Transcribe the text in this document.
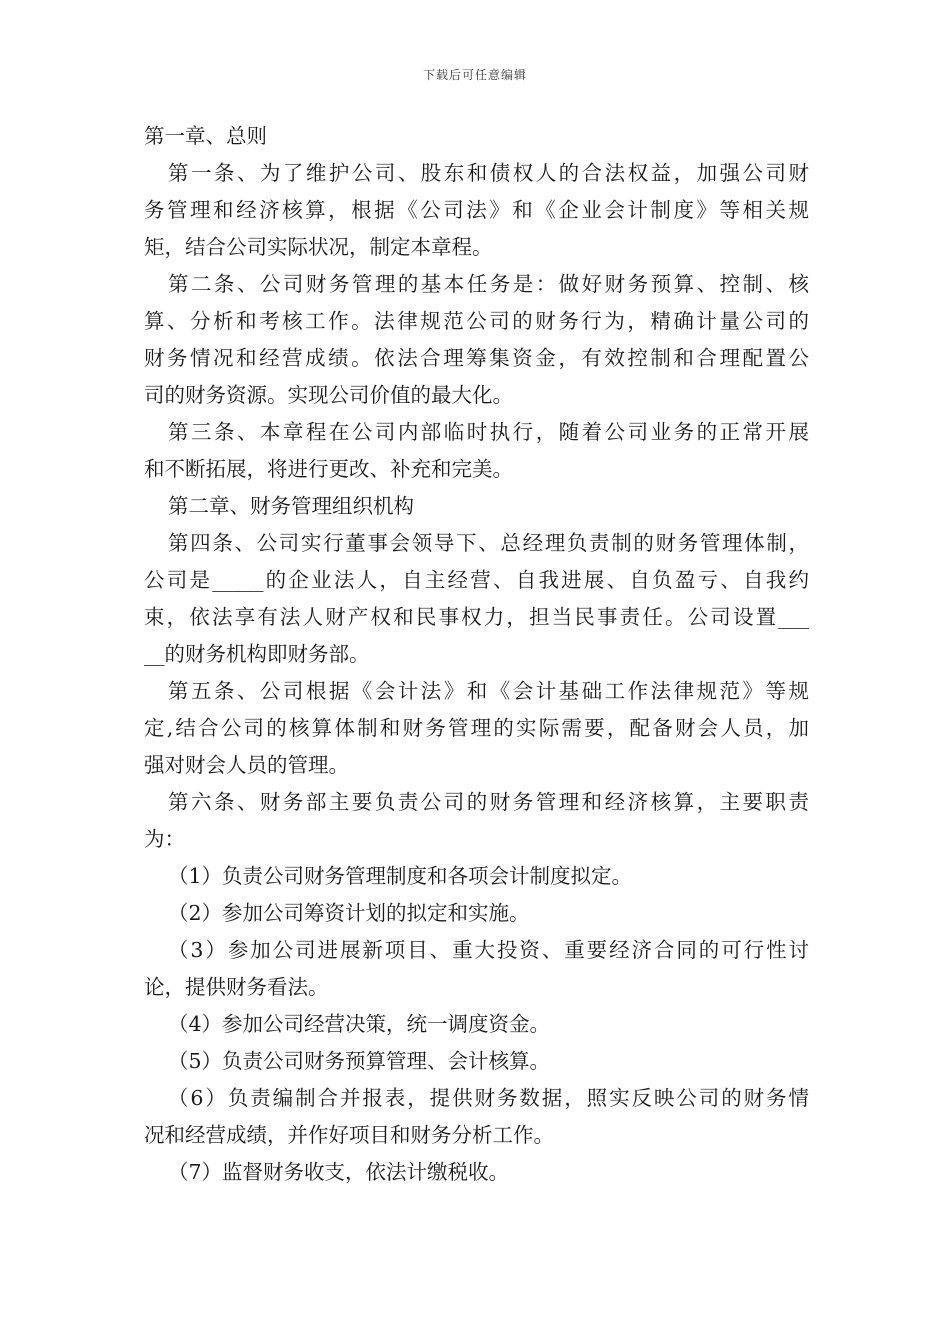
下载后可任意编辑
第一章、总则
第一条、为了维护公司、股东和债权人的合法权益，加强公司财
务管理和经济核算，根据《公司法》和《企业会计制度》等相关规
矩，结合公司实际状况，制定本章程。
第二条、公司财务管理的基本任务是：做好财务预算、控制、核
算、分析和考核工作。法律规范公司的财务行为，精确计量公司的
财务情况和经营成绩。依法合理筹集资金，有效控制和合理配置公
司的财务资源。实现公司价值的最大化。
第三条、本章程在公司内部临时执行，随着公司业务的正常开展
和不断拓展，将进行更改、补充和完美。
第二章、财务管理组织机构
第四条、公司实行董事会领导下、总经理负责制的财务管理体制，
公司是_____的企业法人，自主经营、自我进展、自负盈亏、自我约
束，依法享有法人财产权和民事权力，担当民事责任。公司设置___
__的财务机构即财务部。
第五条、公司根据《会计法》和《会计基础工作法律规范》等规
定,结合公司的核算体制和财务管理的实际需要，配备财会人员，加
强对财会人员的管理。
第六条、财务部主要负责公司的财务管理和经济核算，主要职责
为：
（1）负责公司财务管理制度和各项会计制度拟定。
（2）参加公司筹资计划的拟定和实施。
（3）参加公司进展新项目、重大投资、重要经济合同的可行性讨
论，提供财务看法。
（4）参加公司经营决策，统一调度资金。
（5）负责公司财务预算管理、会计核算。
（6）负责编制合并报表，提供财务数据，照实反映公司的财务情
况和经营成绩，并作好项目和财务分析工作。
（7）监督财务收支，依法计缴税收。
